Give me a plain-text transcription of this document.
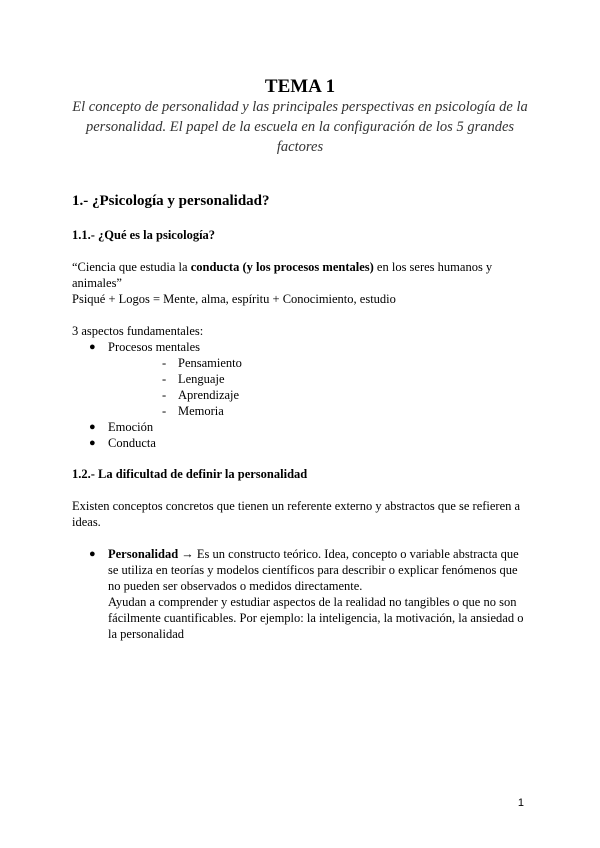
TEMA 1
El concepto de personalidad y las principales perspectivas en psicología de la personalidad. El papel de la escuela en la configuración de los 5 grandes factores
1.- ¿Psicología y personalidad?
1.1.- ¿Qué es la psicología?
“Ciencia que estudia la conducta (y los procesos mentales) en los seres humanos y animales”
Psiqué + Logos = Mente, alma, espíritu + Conocimiento, estudio
3 aspectos fundamentales:
● Procesos mentales
- Pensamiento
- Lenguaje
- Aprendizaje
- Memoria
● Emoción
● Conducta
1.2.- La dificultad de definir la personalidad
Existen conceptos concretos que tienen un referente externo y abstractos que se refieren a ideas.
● Personalidad → Es un constructo teórico. Idea, concepto o variable abstracta que se utiliza en teorías y modelos científicos para describir o explicar fenómenos que no pueden ser observados o medidos directamente.
Ayudan a comprender y estudiar aspectos de la realidad no tangibles o que no son fácilmente cuantificables. Por ejemplo: la inteligencia, la motivación, la ansiedad o la personalidad
1
